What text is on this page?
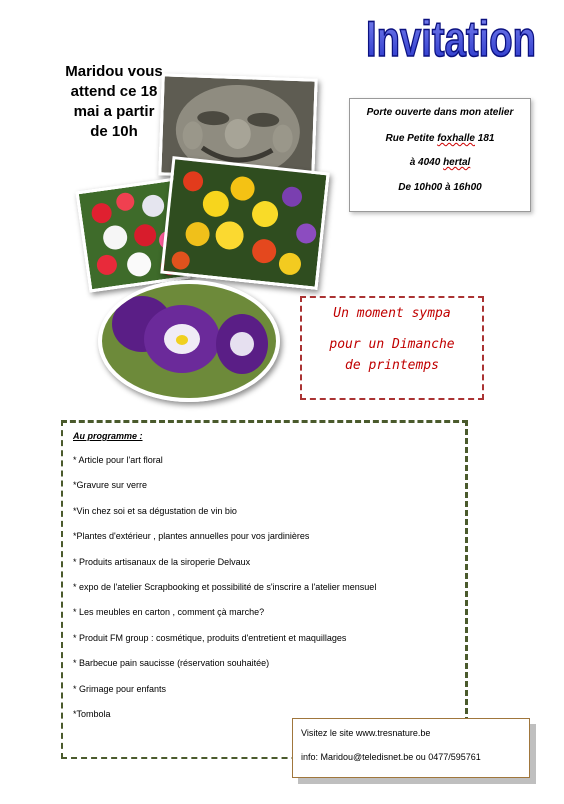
Invitation
Maridou vous
attend ce 18
mai a partir
de 10h

Porte ouverte dans mon atelier

Rue Petite foxhalle 181

à 4040 hertal

De 10h00 à 16h00

Un moment sympa
pour un Dimanche
de printemps
Au programme :
* Article pour l'art floral
*Gravure sur verre
*Vin chez soi et sa dégustation de vin bio
*Plantes d'extérieur , plantes annuelles pour vos jardinières
* Produits artisanaux de la siroperie Delvaux
* expo de l'atelier Scrapbooking et possibilité de s'inscrire a l'atelier mensuel
* Les meubles en carton , comment çà marche?
* Produit FM group : cosmétique, produits d'entretient et maquillages
* Barbecue pain saucisse (réservation souhaitée)
* Grimage pour enfants
*Tombola
Visitez le site www.tresnature.be
info: Maridou@teledisnet.be ou 0477/595761
